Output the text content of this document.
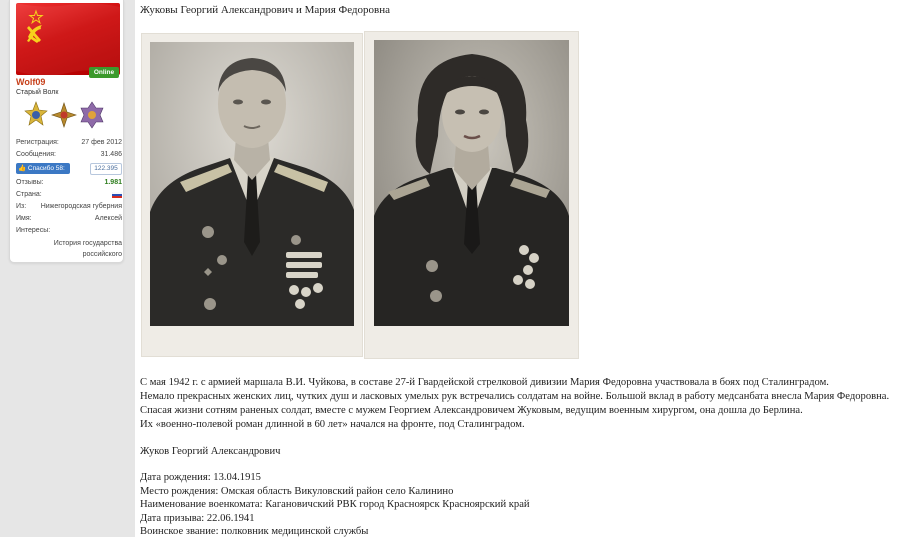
Online
Wolf09
Старый Волк
Регистрация:	27 фев 2012
Сообщения:	31.486
👍 Спасибо 58:	122.395
Отзывы:	1.981
Страна:
Из: Нижегородская губерния
Имя:	Алексей
Интересы:
История государства
российского
Жуковы Георгий Александрович и Мария Федоровна
С мая 1942 г. с армией маршала В.И. Чуйкова, в составе 27-й Гвардейской стрелковой дивизии Мария Федоровна участвовала в боях под Сталинградом.
Немало прекрасных женских лиц, чутких душ и ласковых умелых рук встречались солдатам на войне. Большой вклад в работу медсанбата внесла Мария Федоровна.
Спасая жизни сотням раненых солдат, вместе с мужем Георгием Александровичем Жуковым, ведущим военным хирургом, она дошла до Берлина.
Их «военно-полевой роман длинной в 60 лет» начался на фронте, под Сталинградом.
Жуков Георгий Александрович
Дата рождения: 13.04.1915
Место рождения: Омская область Викуловский район село Калинино
Наименование военкомата: Кагановичский РВК город Красноярск Красноярский край
Дата призыва: 22.06.1941
Воинское звание: полковник медицинской службы
